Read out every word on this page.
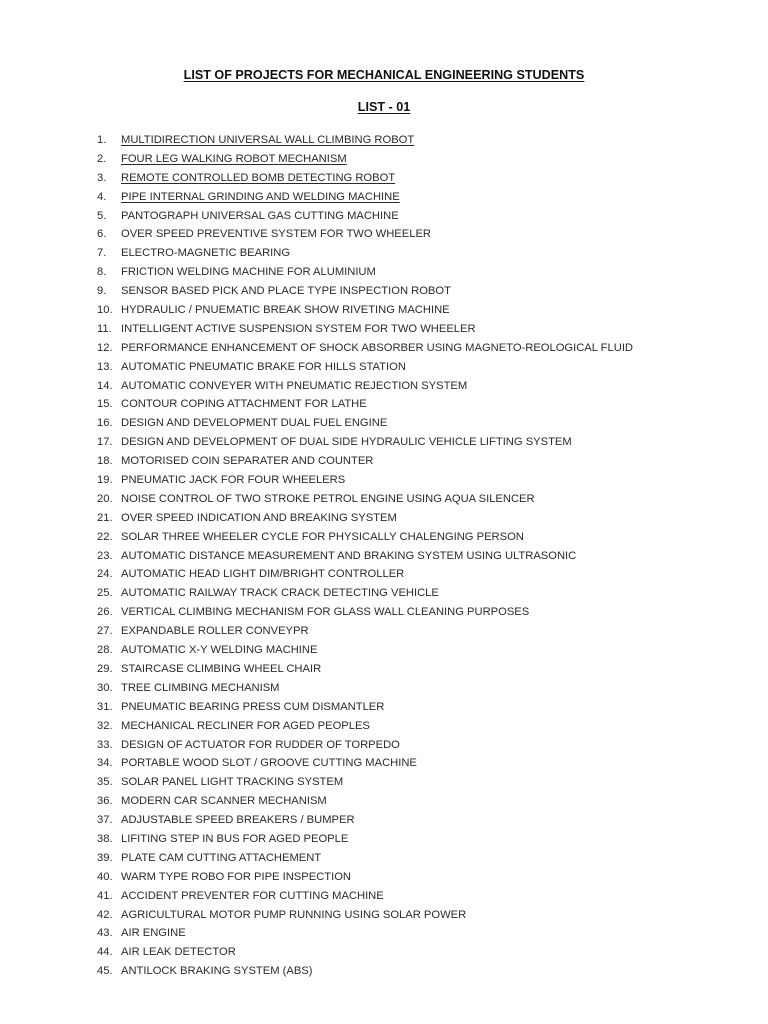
LIST OF PROJECTS FOR MECHANICAL ENGINEERING STUDENTS
LIST - 01
1. MULTIDIRECTION UNIVERSAL WALL CLIMBING ROBOT
2. FOUR LEG WALKING ROBOT MECHANISM
3. REMOTE CONTROLLED BOMB DETECTING ROBOT
4. PIPE INTERNAL GRINDING AND WELDING MACHINE
5. PANTOGRAPH UNIVERSAL GAS CUTTING MACHINE
6. OVER SPEED PREVENTIVE SYSTEM FOR TWO WHEELER
7. ELECTRO-MAGNETIC BEARING
8. FRICTION WELDING MACHINE FOR ALUMINIUM
9. SENSOR BASED PICK AND PLACE TYPE INSPECTION ROBOT
10. HYDRAULIC / PNUEMATIC BREAK SHOW RIVETING MACHINE
11. INTELLIGENT ACTIVE SUSPENSION SYSTEM FOR TWO WHEELER
12. PERFORMANCE ENHANCEMENT OF SHOCK ABSORBER USING MAGNETO-REOLOGICAL FLUID
13. AUTOMATIC PNEUMATIC BRAKE FOR HILLS STATION
14. AUTOMATIC CONVEYER WITH PNEUMATIC REJECTION SYSTEM
15. CONTOUR COPING ATTACHMENT FOR LATHE
16. DESIGN AND DEVELOPMENT DUAL FUEL ENGINE
17. DESIGN AND DEVELOPMENT OF DUAL SIDE HYDRAULIC VEHICLE LIFTING SYSTEM
18. MOTORISED COIN SEPARATER AND COUNTER
19. PNEUMATIC JACK FOR FOUR WHEELERS
20. NOISE CONTROL OF TWO STROKE PETROL ENGINE USING AQUA SILENCER
21. OVER SPEED INDICATION AND BREAKING SYSTEM
22. SOLAR THREE WHEELER CYCLE FOR PHYSICALLY CHALENGING PERSON
23. AUTOMATIC DISTANCE MEASUREMENT AND BRAKING SYSTEM USING ULTRASONIC
24. AUTOMATIC HEAD LIGHT DIM/BRIGHT CONTROLLER
25. AUTOMATIC RAILWAY TRACK CRACK DETECTING VEHICLE
26. VERTICAL CLIMBING MECHANISM FOR GLASS WALL CLEANING PURPOSES
27. EXPANDABLE ROLLER CONVEYPR
28. AUTOMATIC X-Y WELDING MACHINE
29. STAIRCASE CLIMBING WHEEL CHAIR
30. TREE CLIMBING MECHANISM
31. PNEUMATIC BEARING PRESS CUM DISMANTLER
32. MECHANICAL RECLINER FOR AGED PEOPLES
33. DESIGN OF ACTUATOR FOR RUDDER OF TORPEDO
34. PORTABLE WOOD SLOT / GROOVE CUTTING MACHINE
35. SOLAR PANEL LIGHT TRACKING SYSTEM
36. MODERN CAR SCANNER MECHANISM
37. ADJUSTABLE SPEED BREAKERS / BUMPER
38. LIFITING STEP IN BUS FOR AGED PEOPLE
39. PLATE CAM CUTTING ATTACHEMENT
40. WARM TYPE ROBO FOR PIPE INSPECTION
41. ACCIDENT PREVENTER FOR CUTTING MACHINE
42. AGRICULTURAL MOTOR PUMP RUNNING USING SOLAR POWER
43. AIR ENGINE
44. AIR LEAK DETECTOR
45. ANTILOCK BRAKING SYSTEM (ABS)
